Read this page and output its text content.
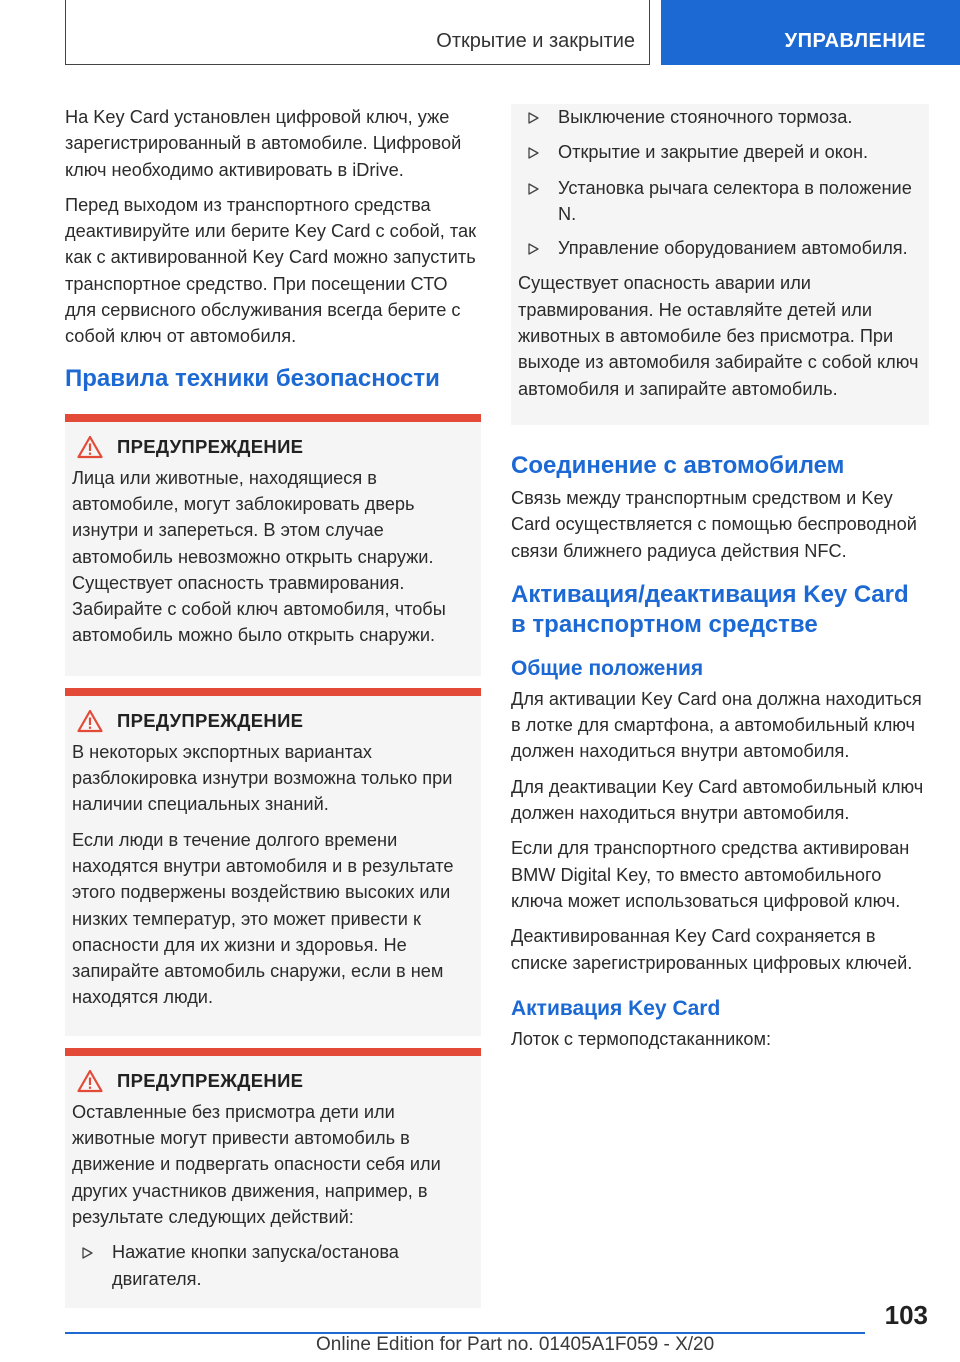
Открытие и закрытие	УПРАВЛЕНИЕ

На Key Card установлен цифровой ключ, уже зарегистрированный в автомобиле. Цифровой ключ необходимо активировать в iDrive.

Перед выходом из транспортного средства деактивируйте или берите Key Card с собой, так как с активированной Key Card можно запустить транспортное средство. При посещении СТО для сервисного обслуживания всегда берите с собой ключ от автомобиля.

Правила техники безопасности
ПРЕДУПРЕЖДЕНИЕ

Лица или животные, находящиеся в автомобиле, могут заблокировать дверь изнутри и запереться. В этом случае автомобиль невозможно открыть снаружи. Существует опасность травмирования. Забирайте с собой ключ автомобиля, чтобы автомобиль можно было открыть снаружи.

ПРЕДУПРЕЖДЕНИЕ

В некоторых экспортных вариантах разблокировка изнутри возможна только при наличии специальных знаний.

Если люди в течение долгого времени находятся внутри автомобиля и в результате этого подвержены воздействию высоких или низких температур, это может привести к опасности для их жизни и здоровья. Не запирайте автомобиль снаружи, если в нем находятся люди.

ПРЕДУПРЕЖДЕНИЕ

Оставленные без присмотра дети или животные могут привести автомобиль в движение и подвергать опасности себя или других участников движения, например, в результате следующих действий:

Нажатие кнопки запуска/останова двигателя.
Выключение стояночного тормоза.
Открытие и закрытие дверей и окон.
Установка рычага селектора в положение N.
Управление оборудованием автомобиля.

Существует опасность аварии или травмирования. Не оставляйте детей или животных в автомобиле без присмотра. При выходе из автомобиля забирайте с собой ключ автомобиля и запирайте автомобиль.

Соединение с автомобилем

Связь между транспортным средством и Key Card осуществляется с помощью беспроводной связи ближнего радиуса действия NFC.

Активация/деактивация Key Card в транспортном средстве
Общие положения

Для активации Key Card она должна находиться в лотке для смартфона, а автомобильный ключ должен находиться внутри автомобиля.

Для деактивации Key Card автомобильный ключ должен находиться внутри автомобиля.

Если для транспортного средства активирован BMW Digital Key, то вместо автомобильного ключа может использоваться цифровой ключ.

Деактивированная Key Card сохраняется в списке зарегистрированных цифровых ключей.

Активация Key Card

Лоток с термоподстаканником:

103
Online Edition for Part no. 01405A1F059 - X/20
